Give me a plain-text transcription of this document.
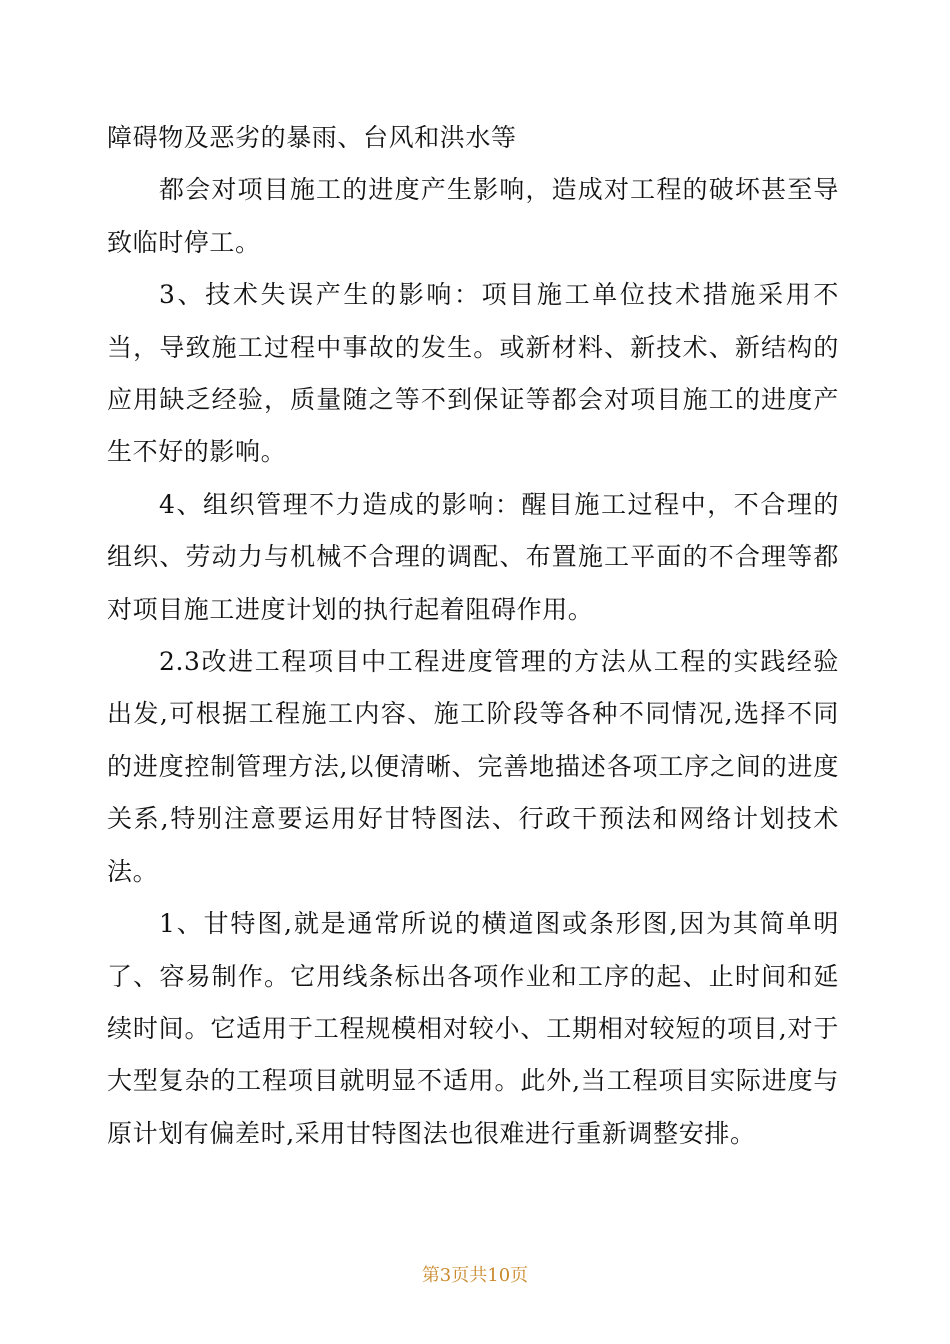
障碍物及恶劣的暴雨、台风和洪水等

都会对项目施工的进度产生影响，造成对工程的破坏甚至导致临时停工。

3、技术失误产生的影响：项目施工单位技术措施采用不当，导致施工过程中事故的发生。或新材料、新技术、新结构的应用缺乏经验，质量随之等不到保证等都会对项目施工的进度产生不好的影响。

4、组织管理不力造成的影响：醒目施工过程中，不合理的组织、劳动力与机械不合理的调配、布置施工平面的不合理等都对项目施工进度计划的执行起着阻碍作用。

2.3改进工程项目中工程进度管理的方法从工程的实践经验出发,可根据工程施工内容、施工阶段等各种不同情况,选择不同的进度控制管理方法,以便清晰、完善地描述各项工序之间的进度关系,特别注意要运用好甘特图法、行政干预法和网络计划技术法。

1、甘特图,就是通常所说的横道图或条形图,因为其简单明了、容易制作。它用线条标出各项作业和工序的起、止时间和延续时间。它适用于工程规模相对较小、工期相对较短的项目,对于大型复杂的工程项目就明显不适用。此外,当工程项目实际进度与原计划有偏差时,采用甘特图法也很难进行重新调整安排。

第3页共10页
